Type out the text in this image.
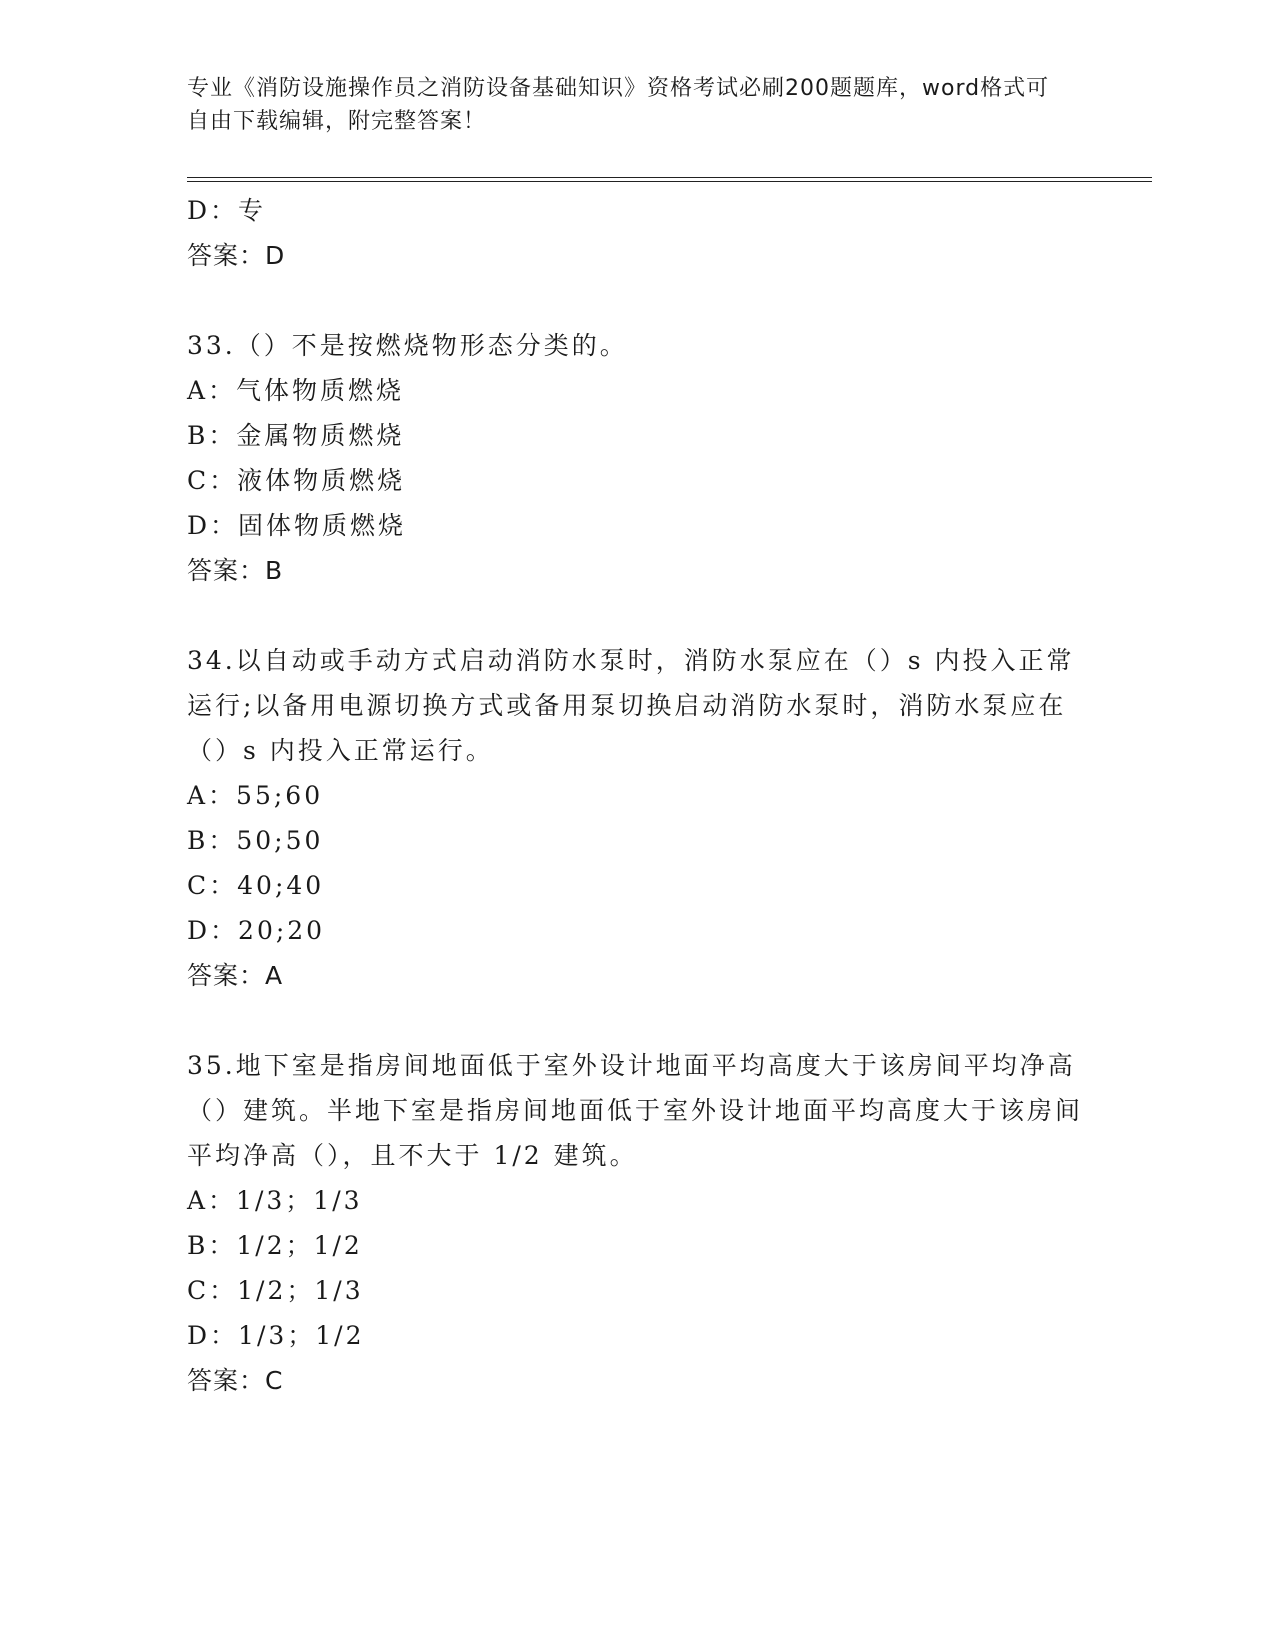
专业《消防设施操作员之消防设备基础知识》资格考试必刷200题题库，word格式可自由下载编辑，附完整答案！
D：专
答案：D
33.（）不是按燃烧物形态分类的。
A：气体物质燃烧
B：金属物质燃烧
C：液体物质燃烧
D：固体物质燃烧
答案：B
34.以自动或手动方式启动消防水泵时，消防水泵应在（）s 内投入正常运行;以备用电源切换方式或备用泵切换启动消防水泵时，消防水泵应在（）s 内投入正常运行。
A：55;60
B：50;50
C：40;40
D：20;20
答案：A
35.地下室是指房间地面低于室外设计地面平均高度大于该房间平均净高（）建筑。半地下室是指房间地面低于室外设计地面平均高度大于该房间平均净高（），且不大于 1/2 建筑。
A：1/3；1/3
B：1/2；1/2
C：1/2；1/3
D：1/3；1/2
答案：C
